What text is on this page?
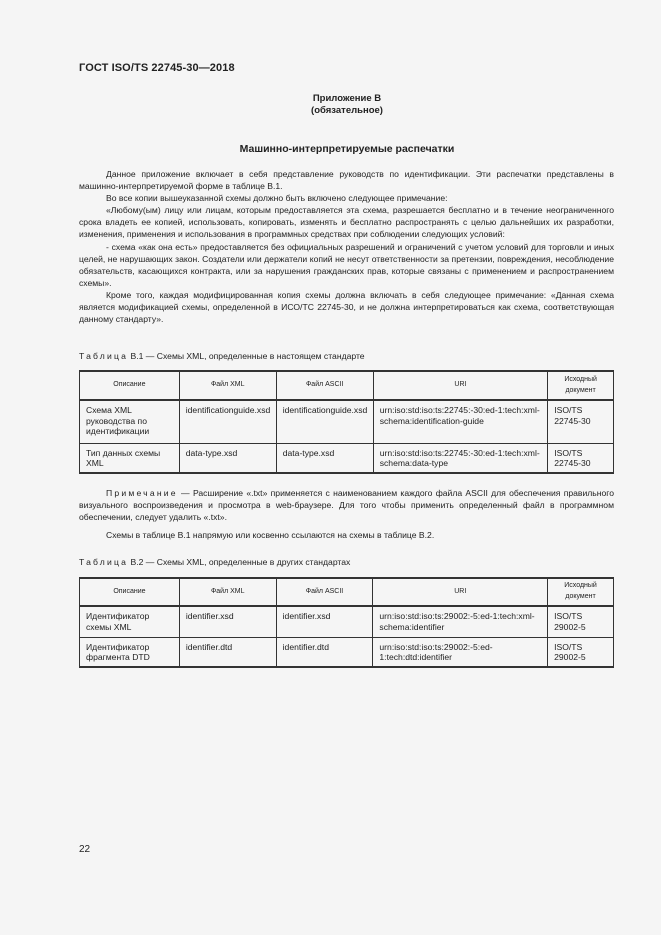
ГОСТ ISO/TS 22745-30—2018
Приложение В
(обязательное)
Машинно-интерпретируемые распечатки

Данное приложение включает в себя представление руководств по идентификации. Эти распечатки представлены в машинно-интерпретируемой форме в таблице В.1.

Во все копии вышеуказанной схемы должно быть включено следующее примечание:

«Любому(ым) лицу или лицам, которым предоставляется эта схема, разрешается бесплатно и в течение неограниченного срока владеть ее копией, использовать, копировать, изменять и бесплатно распространять с целью дальнейших их разработки, изменения, применения и использования в программных средствах при соблюдении следующих условий:

- схема «как она есть» предоставляется без официальных разрешений и ограничений с учетом условий для торговли и иных целей, не нарушающих закон. Создатели или держатели копий не несут ответственности за претензии, повреждения, несоблюдение обязательств, касающихся контракта, или за нарушения гражданских прав, которые связаны с применением и распространением схемы».

Кроме того, каждая модифицированная копия схемы должна включать в себя следующее примечание: «Данная схема является модификацией схемы, определенной в ИСО/ТС 22745-30, и не должна интерпретироваться как схема, соответствующая данному стандарту».

Таблица В.1 — Схемы XML, определенные в настоящем стандарте
Описание	Файл XML	Файл ASCII	URI	Исходный документ
Схема XML руководства по идентификации	identificationguide.xsd	identificationguide.xsd	urn:iso:std:iso:ts:22745:-30:ed-1:tech:xml-schema:identification-guide	ISO/TS 22745-30
Тип данных схемы XML	data-type.xsd	data-type.xsd	urn:iso:std:iso:ts:22745:-30:ed-1:tech:xml-schema:data-type	ISO/TS 22745-30

Примечание — Расширение «.txt» применяется с наименованием каждого файла ASCII для обеспечения правильного визуального воспроизведения и просмотра в web-браузере. Для того чтобы применить определенный файл в программном обеспечении, следует удалить «.txt».

Схемы в таблице В.1 напрямую или косвенно ссылаются на схемы в таблице В.2.

Таблица В.2 — Схемы XML, определенные в других стандартах
Описание	Файл XML	Файл ASCII	URI	Исходный документ
Идентификатор схемы XML	identifier.xsd	identifier.xsd	urn:iso:std:iso:ts:29002:-5:ed-1:tech:xml-schema:identifier	ISO/TS 29002-5
Идентификатор фрагмента DTD	identifier.dtd	identifier.dtd	urn:iso:std:iso:ts:29002:-5:ed-1:tech:dtd:identifier	ISO/TS 29002-5
22
